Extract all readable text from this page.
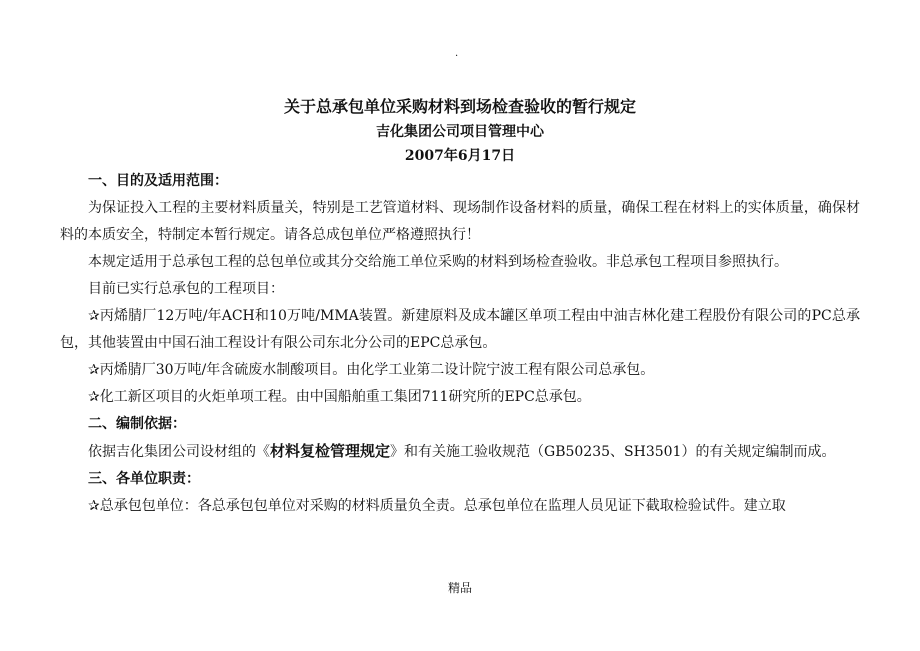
.
关于总承包单位采购材料到场检查验收的暂行规定
吉化集团公司项目管理中心
2007年6月17日

一、目的及适用范围：

为保证投入工程的主要材料质量关，特别是工艺管道材料、现场制作设备材料的质量，确保工程在材料上的实体质量，确保材料的本质安全，特制定本暂行规定。请各总成包单位严格遵照执行！

本规定适用于总承包工程的总包单位或其分交给施工单位采购的材料到场检查验收。非总承包工程项目参照执行。

目前已实行总承包的工程项目：

✰丙烯腈厂12万吨/年ACH和10万吨/MMA装置。新建原料及成本罐区单项工程由中油吉林化建工程股份有限公司的PC总承包，其他装置由中国石油工程设计有限公司东北分公司的EPC总承包。

✰丙烯腈厂30万吨/年含硫废水制酸项目。由化学工业第二设计院宁波工程有限公司总承包。

✰化工新区项目的火炬单项工程。由中国船舶重工集团711研究所的EPC总承包。

二、编制依据：

依据吉化集团公司设材组的《材料复检管理规定》和有关施工验收规范（GB50235、SH3501）的有关规定编制而成。

三、各单位职责：

✰总承包包单位：各总承包包单位对采购的材料质量负全责。总承包单位在监理人员见证下截取检验试件。建立取

精品
